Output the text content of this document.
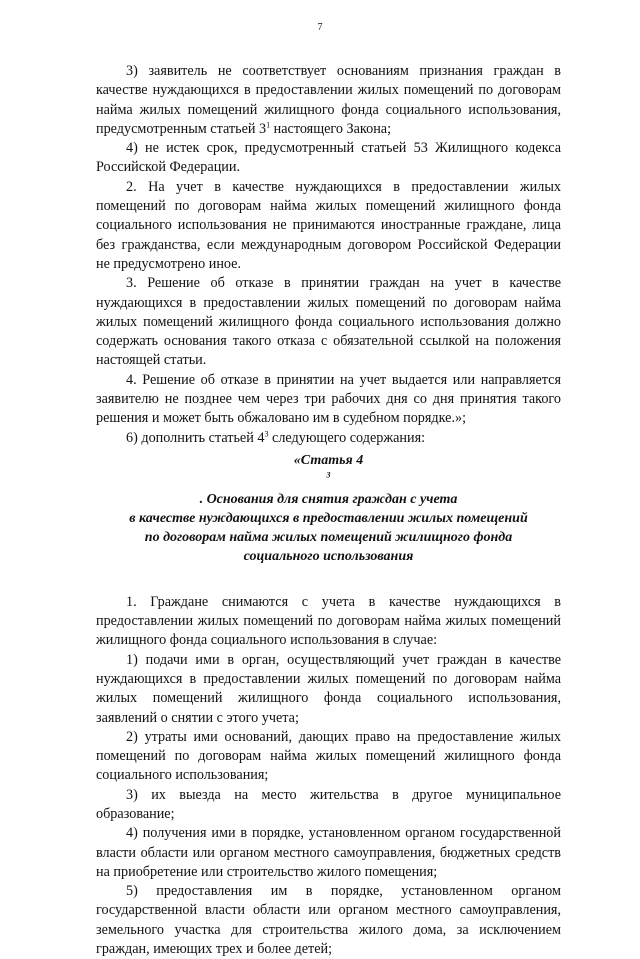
7

3) заявитель не соответствует основаниям признания граждан в качестве нуждающихся в предоставлении жилых помещений по договорам найма жилых помещений жилищного фонда социального использования, предусмотренным статьей $3^1$ настоящего Закона;

4) не истек срок, предусмотренный статьей 53 Жилищного кодекса Российской Федерации.

2. На учет в качестве нуждающихся в предоставлении жилых помещений по договорам найма жилых помещений жилищного фонда социального использования не принимаются иностранные граждане, лица без гражданства, если международным договором Российской Федерации не предусмотрено иное.

3. Решение об отказе в принятии граждан на учет в качестве нуждающихся в предоставлении жилых помещений по договорам найма жилых помещений жилищного фонда социального использования должно содержать основания такого отказа с обязательной ссылкой на положения настоящей статьи.

4. Решение об отказе в принятии на учет выдается или направляется заявителю не позднее чем через три рабочих дня со дня принятия такого решения и может быть обжаловано им в судебном порядке.»;

6) дополнить статьей $4^3$ следующего содержания:

«Статья 4
$^3$
. Основания для снятия граждан с учета
в качестве нуждающихся в предоставлении жилых помещений
по договорам найма жилых помещений жилищного фонда
социального использования

1. Граждане снимаются с учета в качестве нуждающихся в предоставлении жилых помещений по договорам найма жилых помещений жилищного фонда социального использования в случае:

1) подачи ими в орган, осуществляющий учет граждан в качестве нуждающихся в предоставлении жилых помещений по договорам найма жилых помещений жилищного фонда социального использования, заявлений о снятии с этого учета;

2) утраты ими оснований, дающих право на предоставление жилых помещений по договорам найма жилых помещений жилищного фонда социального использования;

3) их выезда на место жительства в другое муниципальное образование;

4) получения ими в порядке, установленном органом государственной власти области или органом местного самоуправления, бюджетных средств на приобретение или строительство жилого помещения;

5) предоставления им в порядке, установленном органом государственной власти области или органом местного самоуправления, земельного участка для строительства жилого дома, за исключением граждан, имеющих трех и более детей;
